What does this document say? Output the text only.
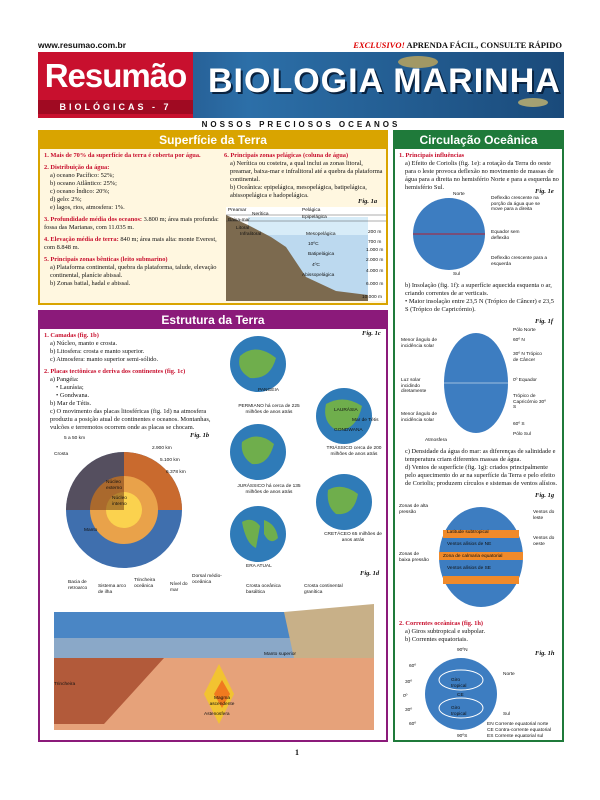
www.resumao.com.br	EXCLUSIVO! APRENDA FÁCIL, CONSULTE RÁPIDO
Resumão
BIOLÓGICAS - 7
BIOLOGIA MARINHA
NOSSOS PRECIOSOS OCEANOS
Superfície da Terra
1. Mais de 70% da superfície da terra é coberta por água.
2. Distribuição da água:
a) oceano Pacífico: 52%;
b) oceano Atlântico: 25%;
c) oceano Índico: 20%;
d) gelo: 2%;
e) lagos, rios, atmosfera: 1%.
3. Profundidade média dos oceanos: 3.800 m; área mais profunda: fossa das Marianas, com 11.035 m.
4. Elevação média de terra: 840 m; área mais alta: monte Everest, com 8.848 m.
5. Principais zonas bênticas (leito submarino)
a) Plataforma continental, quebra da plataforma, talude, elevação continental, planície abissal.
b) Zonas batial, hadal e abissal.
6. Principais zonas pelágicas (coluna de água)
a) Nerítica ou costeira, a qual inclui as zonas litoral, preamar, baixa-mar e infralitoral até a quebra da plataforma continental.
b) Oceânica: epipelágica, mesopelágica, batipelágica, abissopelágica e hadopelágica.
Fig. 1a
Preamar
Baixa-mar
Nerítica
Pelágica
Epipelágica
Mesopelágica
10ºC
Batipelágica
4ºC
Abissopelágica
Litoral
Infralitoral	200 m
700 m
1.000 m
2.000 m
4.000 m
6.000 m
10.000 m
Estrutura da Terra
1. Camadas (fig. 1b)
a) Núcleo, manto e crosta.
b) Litosfera: crosta e manto superior.
c) Atmosfera: manto superior semi-sólido.
2. Placas tectônicas e deriva dos continentes (fig. 1c)
a) Pangéia:
• Laurásia;
• Gondwana.
b) Mar de Tétis.
c) O movimento das placas litosféricas (fig. 1d) na atmosfera produziu a posição atual de continentes e oceanos. Montanhas, vulcões e terremotos ocorrem onde as placas se chocam.
Fig. 1b
5 a 50 km
Crosta
Núcleo externo
Núcleo interno
Manto
2.900 km
5.100 km
6.378 km
Fig. 1c
PANGÉIA
PERMIANO há cerca de 225 milhões de anos atrás	LAURÁSIA
Mar de Tétis
GONDWANA
TRIÁSSICO cerca de 200 milhões de anos atrás
JURÁSSICO há cerca de 135 milhões de anos atrás
CRETÁCEO 65 milhões de anos atrás
ERA ATUAL
Fig. 1d
Bacia de retroarco	Sistema arco de ilha
Trincheira oceânica	Nível do mar
Dorsal médio-oceânica
Crosta oceânica basáltica
Crosta continental granítica
Magma ascendente
Astenosfera
Manto superior
Trincheira
Circulação Oceânica
1. Principais influências
a) Efeito de Coriolis (fig. 1e): a rotação da Terra do oeste para o leste provoca deflexão no movimento de massas de água para a direita no hemisfério Norte e para a esquerda no hemisfério Sul.
Fig. 1e
Norte
Deflexão crescente na porção da água que se move para a direita
Equador sem deflexão
Deflexão crescente para a esquerda
Sul
b) Insolação (fig. 1f): a superfície aquecida esquenta o ar, criando correntes de ar verticais.
• Maior insolação entre 23,5 N (Trópico de Câncer) e 23,5 S (Trópico de Capricórnio).
Fig. 1f
Pólo Norte
60º N
30º N Trópico de Câncer
0º Equador
Trópico de Capricórnio 30º S
60º S
Pólo Sul
Menor ângulo de incidência solar
Luz solar incidindo diretamente
Menor ângulo de incidência solar
Atmosfera
c) Densidade da água do mar: as diferenças de salinidade e temperatura criam diferentes massas de água.
d) Ventos de superfície (fig. 1g): criados principalmente pelo aquecimento do ar na superfície da Terra e pelo efeito de Coriolis; produzem círculos e sistemas de ventos alísios.
Fig. 1g
Zonas de alta pressão
Zonas de baixa pressão
Ventos do leste
Ventos do oeste
Ventos alísios de NE
Zona de calmaria equatorial
Ventos alísios de SE
Latitude subtropical
2. Correntes oceânicas (fig. 1h)
a) Giros subtropical e subpolar.
b) Correntes equatoriais.
Fig. 1h
90ºN
60º
30º
0º
30º
60º
90ºS
Giro tropical
Giro tropical
CE
Norte
Sul
EN Corrente equatorial norte
CE Contra-corrente equatorial
ES Corrente equatorial sul
1
